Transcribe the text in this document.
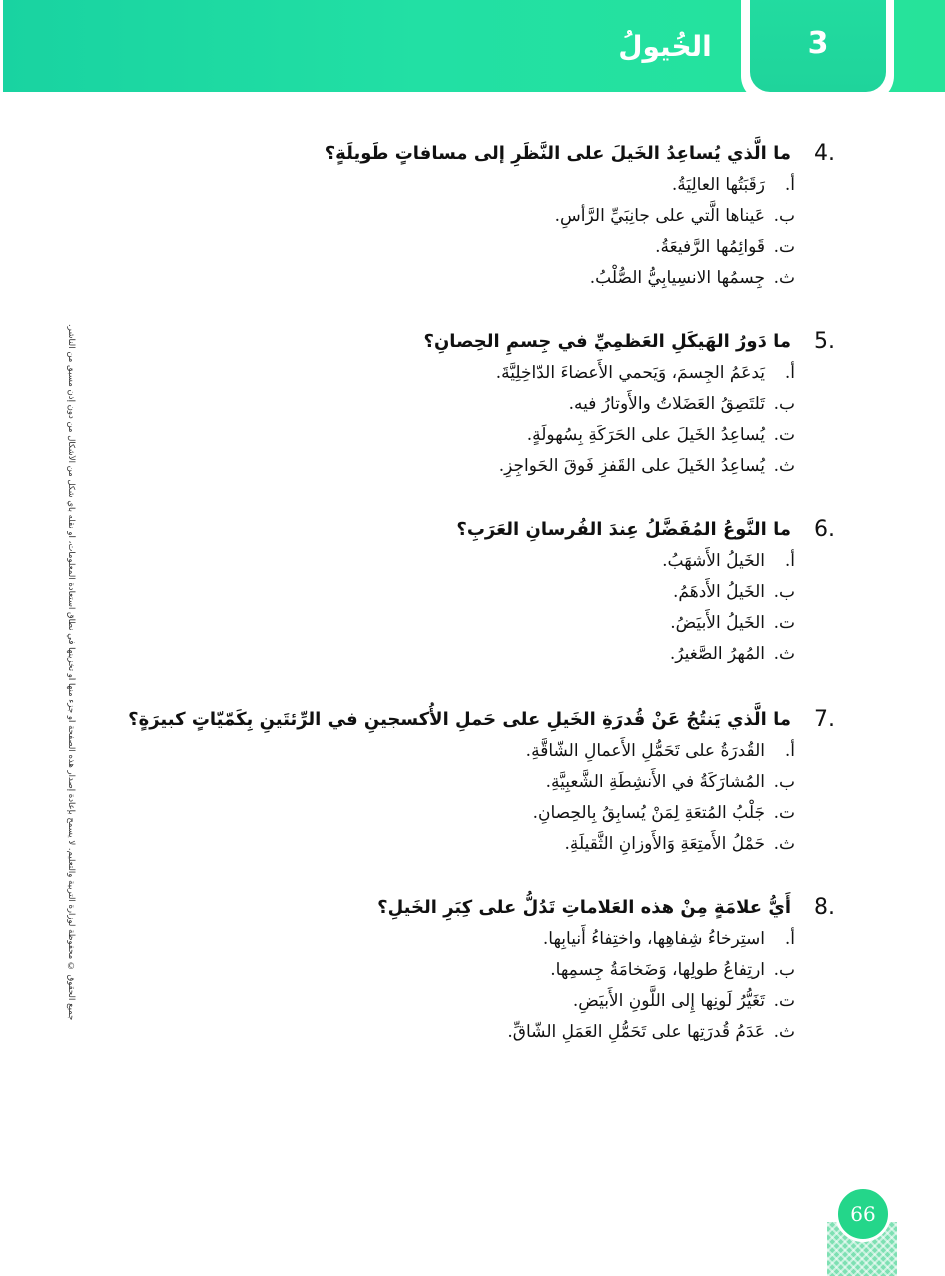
الخُيولُ	3
جميع الحقوق © محفوظة لوزارة التربية والتعليم. لا يسمح بإعادة إصدار هذه الصفحة أو جزء منها أو تخزينها في نطاق استعادة المعلومات، أو نقله بأي شكل من الأشكال من دون إذن مسبق من الناشر.
4.
ما الَّذي يُساعِدُ الخَيلَ على النَّظَرِ إلى مسافاتٍ طَويلَةٍ؟
أ.
رَقَبَتُها العالِيَةُ.
ب.
عَيناها الَّتي على جانِبَيِّ الرَّأسِ.
ت.
قَوائِمُها الرَّفيعَةُ.
ث.
جِسمُها الانسِيابِيُّ الصُّلْبُ.
5.
ما دَورُ الهَيكَلِ العَظمِيِّ في جِسمِ الحِصانِ؟
أ.
يَدعَمُ الجِسمَ، وَيَحمي الأَعضاءَ الدّاخِلِيَّةَ.
ب.
تَلتَصِقُ العَضَلاتُ والأَوتارُ فيه.
ت.
يُساعِدُ الخَيلَ على الحَرَكَةِ بِسُهولَةٍ.
ث.
يُساعِدُ الخَيلَ على القَفزِ فَوقَ الحَواجِزِ.
6.
ما النَّوعُ المُفَضَّلُ عِندَ الفُرسانِ العَرَبِ؟
أ.
الخَيلُ الأَشهَبُ.
ب.
الخَيلُ الأَدهَمُ.
ت.
الخَيلُ الأَبيَضُ.
ث.
المُهرُ الصَّغيرُ.
7.
ما الَّذي يَنتُجُ عَنْ قُدرَةِ الخَيلِ على حَملِ الأُكسجينِ في الرِّئتَينِ بِكَمّيّاتٍ كبيرَةٍ؟
أ.
القُدرَةُ على تَحَمُّلِ الأَعمالِ الشّاقَّةِ.
ب.
المُشارَكَةُ في الأَنشِطَةِ الشَّعبِيَّةِ.
ت.
جَلْبُ المُتعَةِ لِمَنْ يُسابِقُ بِالحِصانِ.
ث.
حَمْلُ الأَمتِعَةِ وَالأَوزانِ الثَّقيلَةِ.
8.
أَيُّ علامَةٍ مِنْ هذه العَلاماتِ تَدُلُّ على كِبَرِ الخَيلِ؟
أ.
استِرخاءُ شِفاهِها، واختِفاءُ أَنيابِها.
ب.
ارتِفاعُ طولِها، وَضَخامَةُ جِسمِها.
ت.
تَغَيُّرُ لَونِها إِلى اللَّونِ الأَبيَضِ.
ث.
عَدَمُ قُدرَتِها على تَحَمُّلِ العَمَلِ الشّاقِّ.
66
